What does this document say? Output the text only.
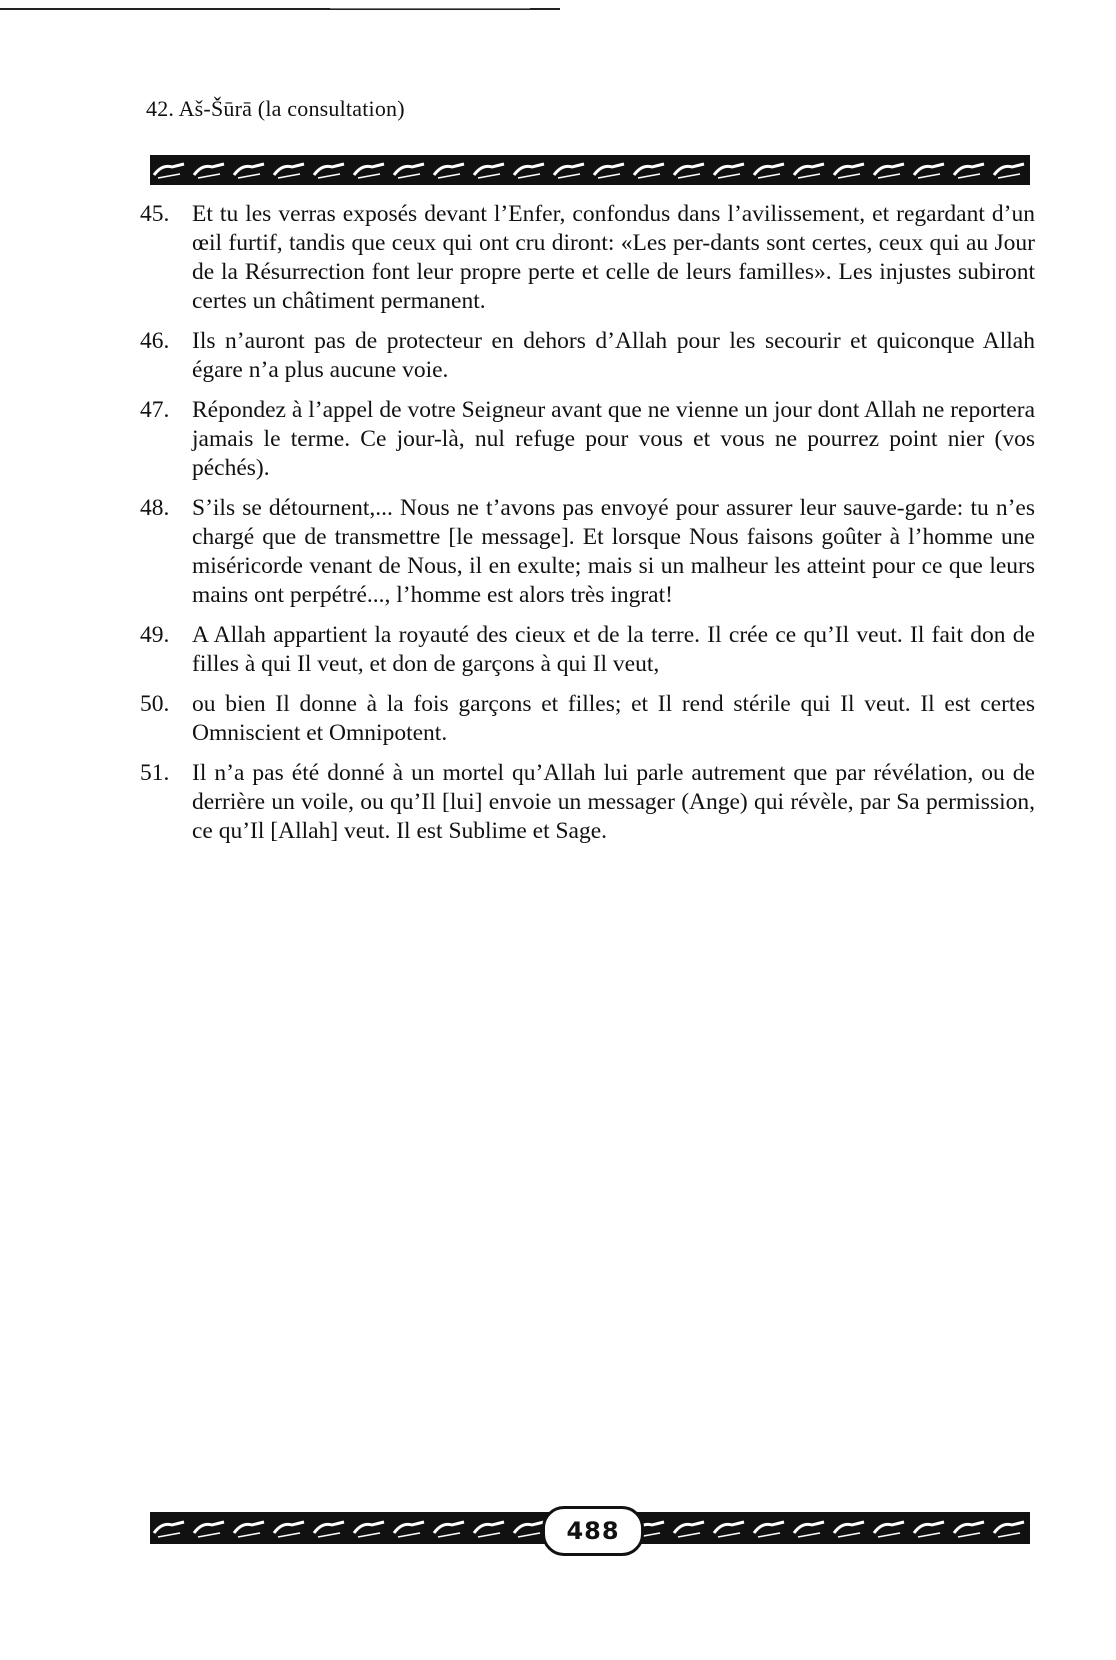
42. Aš-Šūrā (la consultation)
45. Et tu les verras exposés devant l’Enfer, confondus dans l’avilissement, et regardant d’un œil furtif, tandis que ceux qui ont cru diront: «Les per-dants sont certes, ceux qui au Jour de la Résurrection font leur propre perte et celle de leurs familles». Les injustes subiront certes un châtiment permanent.
46. Ils n’auront pas de protecteur en dehors d’Allah pour les secourir et quiconque Allah égare n’a plus aucune voie.
47. Répondez à l’appel de votre Seigneur avant que ne vienne un jour dont Allah ne reportera jamais le terme. Ce jour-là, nul refuge pour vous et vous ne pourrez point nier (vos péchés).
48. S’ils se détournent,... Nous ne t’avons pas envoyé pour assurer leur sauve-garde: tu n’es chargé que de transmettre [le message]. Et lorsque Nous faisons goûter à l’homme une miséricorde venant de Nous, il en exulte; mais si un malheur les atteint pour ce que leurs mains ont perpétré..., l’homme est alors très ingrat!
49. A Allah appartient la royauté des cieux et de la terre. Il crée ce qu’Il veut. Il fait don de filles à qui Il veut, et don de garçons à qui Il veut,
50. ou bien Il donne à la fois garçons et filles; et Il rend stérile qui Il veut. Il est certes Omniscient et Omnipotent.
51. Il n’a pas été donné à un mortel qu’Allah lui parle autrement que par révélation, ou de derrière un voile, ou qu’Il [lui] envoie un messager (Ange) qui révèle, par Sa permission, ce qu’Il [Allah] veut. Il est Sublime et Sage.
488
